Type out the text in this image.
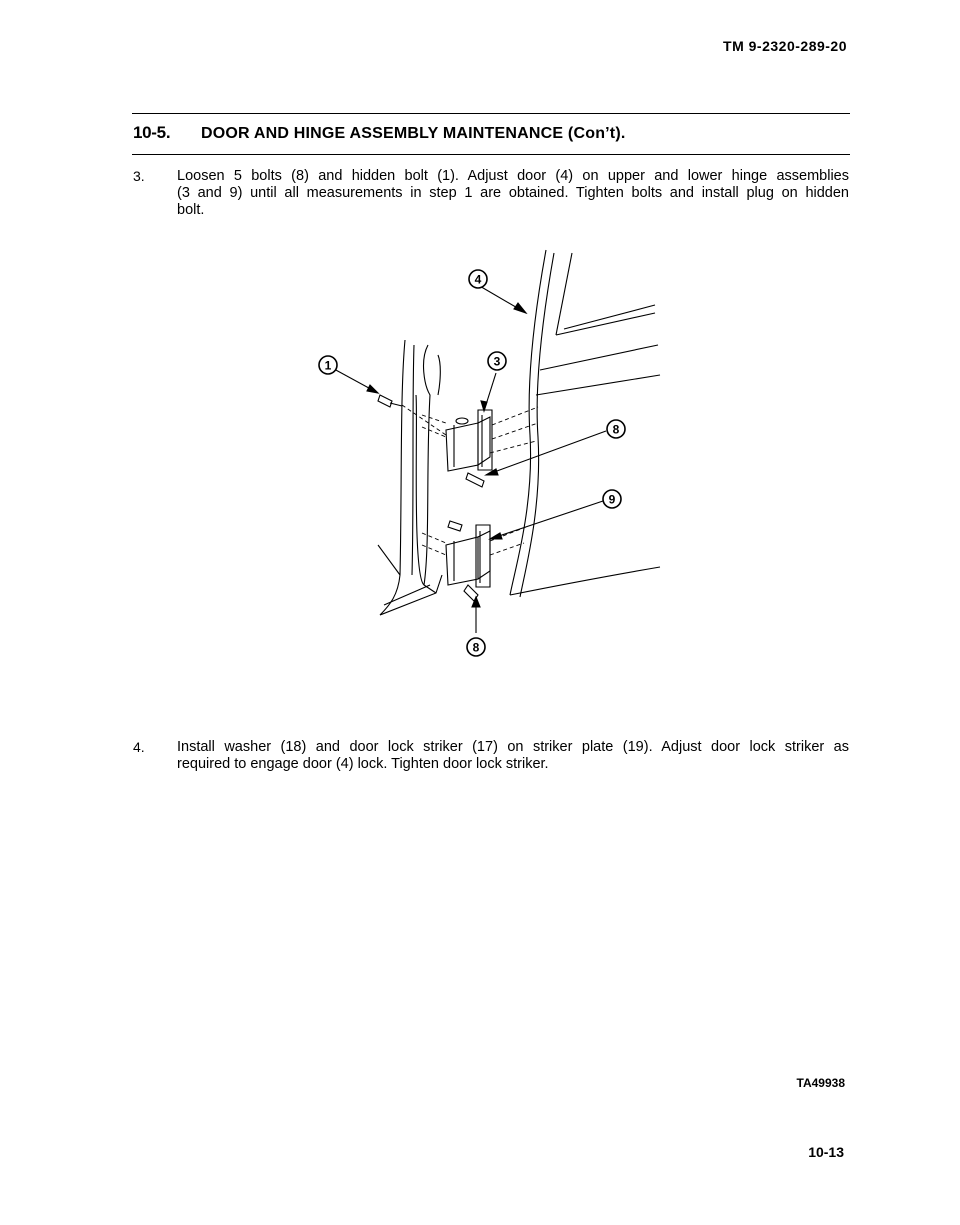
TM 9-2320-289-20
10-5. DOOR AND HINGE ASSEMBLY MAINTENANCE (Con’t).
3. Loosen 5 bolts (8) and hidden bolt (1). Adjust door (4) on upper and lower hinge assemblies
(3 and 9) until all measurements in step 1 are obtained. Tighten bolts and install plug on hidden
bolt.
4
1	3
8
9
8
4. Install washer (18) and door lock striker (17) on striker plate (19). Adjust door lock striker as
required to engage door (4) lock. Tighten door lock striker.
TA49938
10-13
